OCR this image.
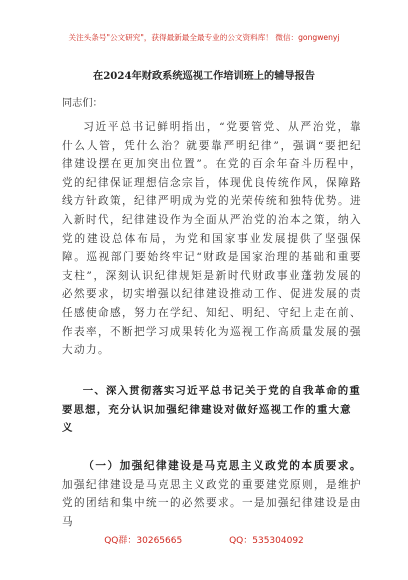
关注头条号"公文研究"，获得最新最全最专业的公文资料库！ 微信：gongwenyj
在2024年财政系统巡视工作培训班上的辅导报告
同志们：

习近平总书记鲜明指出，“党要管党、从严治党，靠什么人管，凭什么治？就要靠严明纪律”，强调“要把纪律建设摆在更加突出位置”。在党的百余年奋斗历程中，党的纪律保证理想信念宗旨，体现优良传统作风，保障路线方针政策，纪律严明成为党的光荣传统和独特优势。进入新时代，纪律建设作为全面从严治党的治本之策，纳入党的建设总体布局，为党和国家事业发展提供了坚强保障。巡视部门要始终牢记“财政是国家治理的基础和重要支柱”，深刻认识纪律规矩是新时代财政事业蓬勃发展的必然要求，切实增强以纪律建设推动工作、促进发展的责任感使命感，努力在学纪、知纪、明纪、守纪上走在前、作表率，不断把学习成果转化为巡视工作高质量发展的强大动力。

一、深入贯彻落实习近平总书记关于党的自我革命的重要思想，充分认识加强纪律建设对做好巡视工作的重大意义
（一）加强纪律建设是马克思主义政党的本质要求。加强纪律建设是马克思主义政党的重要建党原则，是维护党的团结和集中统一的必然要求。一是加强纪律建设是由马
QQ群：30265665	QQ：535304092
